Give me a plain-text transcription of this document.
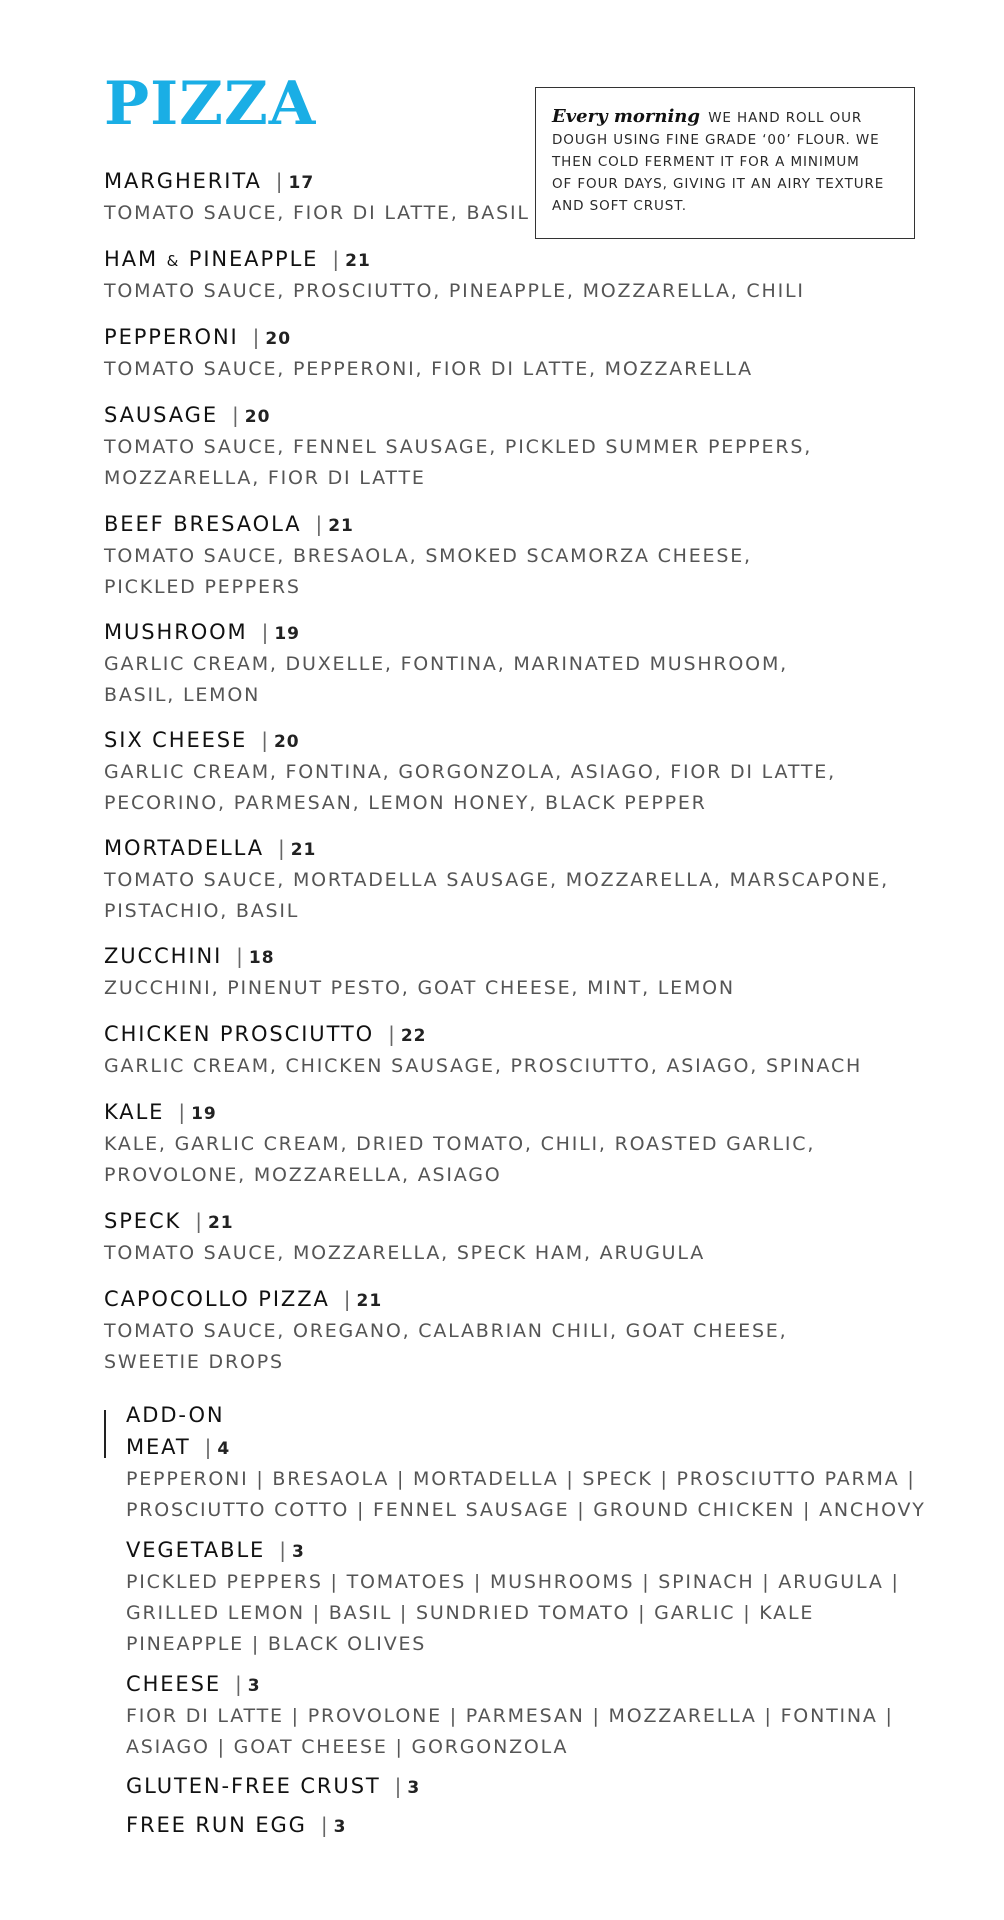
PIZZA	Every morning WE HAND ROLL OUR
DOUGH USING FINE GRADE ‘00’ FLOUR. WE
THEN COLD FERMENT IT FOR A MINIMUM
OF FOUR DAYS, GIVING IT AN AIRY TEXTURE
AND SOFT CRUST.
MARGHERITA | 17
TOMATO SAUCE, FIOR DI LATTE, BASIL
HAM & PINEAPPLE | 21
TOMATO SAUCE, PROSCIUTTO, PINEAPPLE, MOZZARELLA, CHILI
PEPPERONI | 20
TOMATO SAUCE, PEPPERONI, FIOR DI LATTE, MOZZARELLA
SAUSAGE | 20
TOMATO SAUCE, FENNEL SAUSAGE, PICKLED SUMMER PEPPERS,
MOZZARELLA, FIOR DI LATTE
BEEF BRESAOLA | 21
TOMATO SAUCE, BRESAOLA, SMOKED SCAMORZA CHEESE,
PICKLED PEPPERS
MUSHROOM | 19
GARLIC CREAM, DUXELLE, FONTINA, MARINATED MUSHROOM,
BASIL, LEMON
SIX CHEESE | 20
GARLIC CREAM, FONTINA, GORGONZOLA, ASIAGO, FIOR DI LATTE,
PECORINO, PARMESAN, LEMON HONEY, BLACK PEPPER
MORTADELLA | 21
TOMATO SAUCE, MORTADELLA SAUSAGE, MOZZARELLA, MARSCAPONE,
PISTACHIO, BASIL
ZUCCHINI | 18
ZUCCHINI, PINENUT PESTO, GOAT CHEESE, MINT, LEMON
CHICKEN PROSCIUTTO | 22
GARLIC CREAM, CHICKEN SAUSAGE, PROSCIUTTO, ASIAGO, SPINACH
KALE | 19
KALE, GARLIC CREAM, DRIED TOMATO, CHILI, ROASTED GARLIC,
PROVOLONE, MOZZARELLA, ASIAGO
SPECK | 21
TOMATO SAUCE, MOZZARELLA, SPECK HAM, ARUGULA
CAPOCOLLO PIZZA | 21
TOMATO SAUCE, OREGANO, CALABRIAN CHILI, GOAT CHEESE,
SWEETIE DROPS
ADD-ON
MEAT | 4
PEPPERONI | BRESAOLA | MORTADELLA | SPECK | PROSCIUTTO PARMA |
PROSCIUTTO COTTO | FENNEL SAUSAGE | GROUND CHICKEN | ANCHOVY
VEGETABLE | 3
PICKLED PEPPERS | TOMATOES | MUSHROOMS | SPINACH | ARUGULA |
GRILLED LEMON | BASIL | SUNDRIED TOMATO | GARLIC | KALE
PINEAPPLE | BLACK OLIVES
CHEESE | 3
FIOR DI LATTE | PROVOLONE | PARMESAN | MOZZARELLA | FONTINA |
ASIAGO | GOAT CHEESE | GORGONZOLA
GLUTEN-FREE CRUST | 3
FREE RUN EGG | 3
